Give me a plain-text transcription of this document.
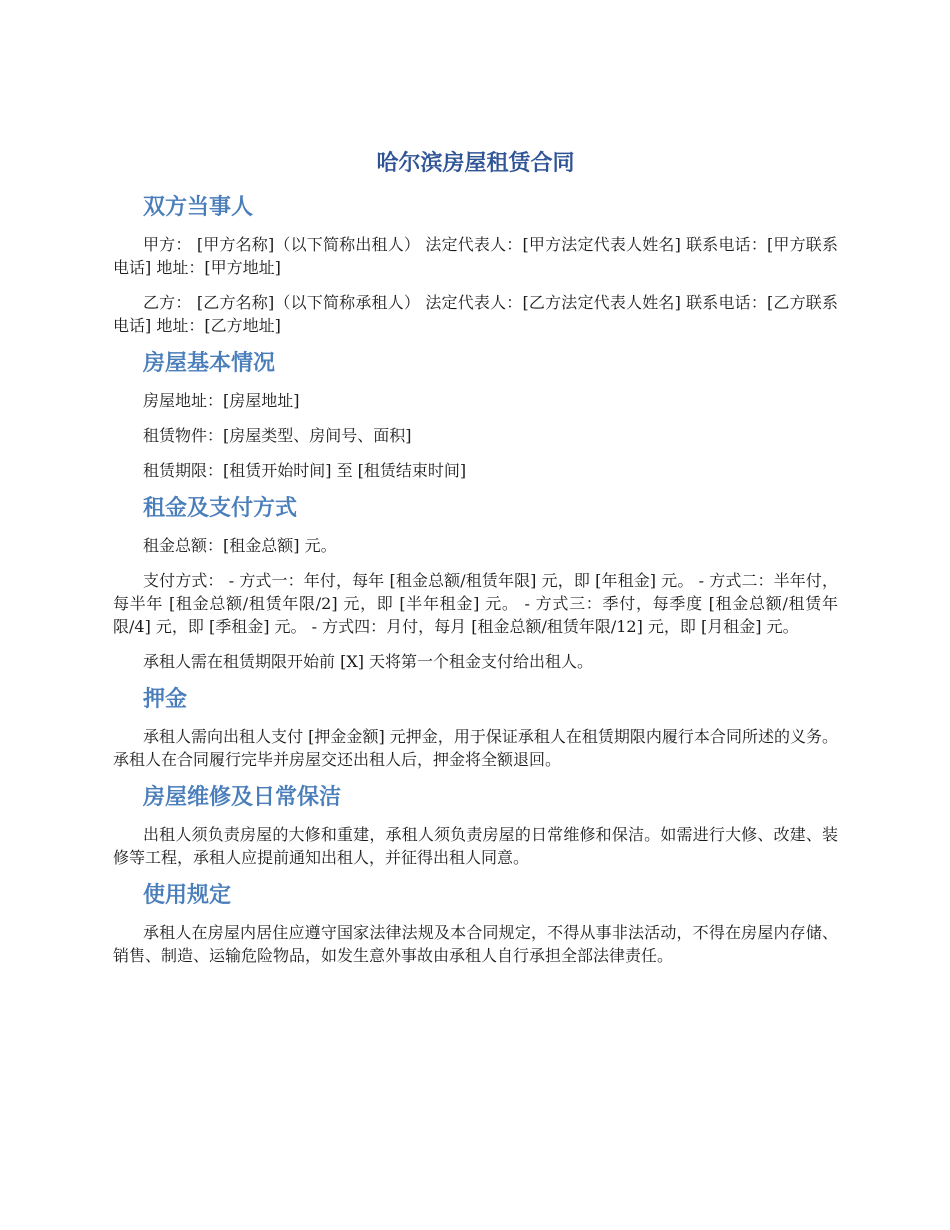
哈尔滨房屋租赁合同
双方当事人

甲方： [甲方名称]（以下简称出租人） 法定代表人：[甲方法定代表人姓名] 联系电话：[甲方联系电话] 地址：[甲方地址]

乙方： [乙方名称]（以下简称承租人） 法定代表人：[乙方法定代表人姓名] 联系电话：[乙方联系电话] 地址：[乙方地址]

房屋基本情况

房屋地址：[房屋地址]

租赁物件：[房屋类型、房间号、面积]

租赁期限：[租赁开始时间] 至 [租赁结束时间]

租金及支付方式

租金总额：[租金总额] 元。

支付方式： - 方式一：年付，每年 [租金总额/租赁年限] 元，即 [年租金] 元。 - 方式二：半年付，每半年 [租金总额/租赁年限/2] 元，即 [半年租金] 元。 - 方式三：季付，每季度 [租金总额/租赁年限/4] 元，即 [季租金] 元。 - 方式四：月付，每月 [租金总额/租赁年限/12] 元，即 [月租金] 元。

承租人需在租赁期限开始前 [X] 天将第一个租金支付给出租人。

押金

承租人需向出租人支付 [押金金额] 元押金，用于保证承租人在租赁期限内履行本合同所述的义务。承租人在合同履行完毕并房屋交还出租人后，押金将全额退回。

房屋维修及日常保洁

出租人须负责房屋的大修和重建，承租人须负责房屋的日常维修和保洁。如需进行大修、改建、装修等工程，承租人应提前通知出租人，并征得出租人同意。

使用规定

承租人在房屋内居住应遵守国家法律法规及本合同规定，不得从事非法活动，不得在房屋内存储、销售、制造、运输危险物品，如发生意外事故由承租人自行承担全部法律责任。
